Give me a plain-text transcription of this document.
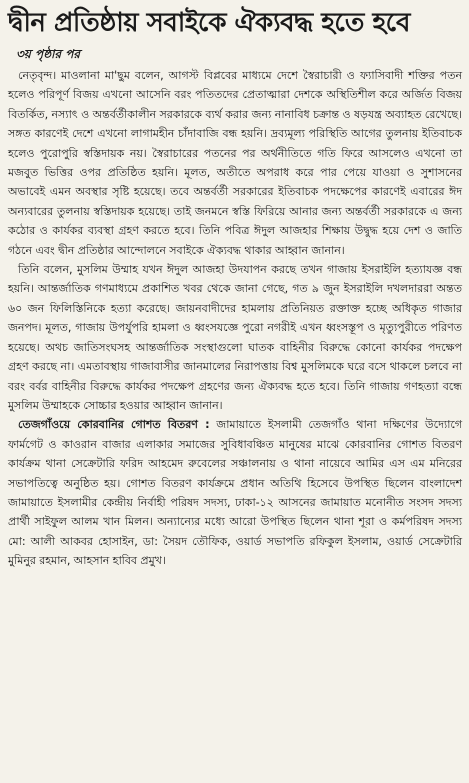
দ্বীন প্রতিষ্ঠায় সবাইকে ঐক্যবদ্ধ হতে হবে
৩য় পৃষ্ঠার পর

নেতৃবৃন্দ। মাওলানা মা'ছুম বলেন, আগস্ট বিপ্লবের মাধ্যমে দেশে স্বৈরাচারী ও ফ্যাসিবাদী শক্তির পতন হলেও পরিপূর্ণ বিজয় এখনো আসেনি বরং পতিতদের প্রেতাত্মারা দেশকে অস্থিতিশীল করে অর্জিত বিজয় বিতর্কিত, নস্যাৎ ও অন্তর্বর্তীকালীন সরকারকে ব্যর্থ করার জন্য নানাবিধ চক্রান্ত ও ষড়যন্ত্র অব্যাহত রেখেছে। সঙ্গত কারণেই দেশে এখনো লাগামহীন চাঁদাবাজি বন্ধ হয়নি। দ্রব্যমূল্য পরিস্থিতি আগের তুলনায় ইতিবাচক হলেও পুরোপুরি স্বস্তিদায়ক নয়। স্বৈরাচারের পতনের পর অর্থনীতিতে গতি ফিরে আসলেও এখনো তা মজবুত ভিত্তির ওপর প্রতিষ্ঠিত হয়নি। মূলত, অতীতে অপরাধ করে পার পেয়ে যাওয়া ও সুশাসনের অভাবেই এমন অবস্থার সৃষ্টি হয়েছে। তবে অন্তর্বর্তী সরকারের ইতিবাচক পদক্ষেপের কারণেই এবারের ঈদ অন্যবারের তুলনায় স্বস্তিদায়ক হয়েছে। তাই জনমনে স্বস্তি ফিরিয়ে আনার জন্য অন্তর্বর্তী সরকারকে এ জন্য কঠোর ও কার্যকর ব্যবস্থা গ্রহণ করতে হবে। তিনি পবিত্র ঈদুল আজহার শিক্ষায় উদ্বুদ্ধ হয়ে দেশ ও জাতি গঠনে এবং দ্বীন প্রতিষ্ঠার আন্দোলনে সবাইকে ঐক্যবদ্ধ থাকার আহ্বান জানান।

তিনি বলেন, মুসলিম উম্মাহ যখন ঈদুল আজহা উদযাপন করছে তখন গাজায় ইসরাইলি হত্যাযজ্ঞ বন্ধ হয়নি। আন্তর্জাতিক গণমাধ্যমে প্রকাশিত খবর থেকে জানা গেছে, গত ৯ জুন ইসরাইলি দখলদাররা অন্তত ৬০ জন ফিলিস্তিনিকে হত্যা করেছে। জায়নবাদীদের হামলায় প্রতিনিয়ত রক্তাক্ত হচ্ছে অধিকৃত গাজার জনপদ। মূলত, গাজায় উপর্যুপরি হামলা ও ধ্বংসযজ্ঞে পুরো নগরীই এখন ধ্বংসস্তূপ ও মৃত্যুপুরীতে পরিণত হয়েছে। অথচ জাতিসংঘসহ আন্তর্জাতিক সংস্থাগুলো ঘাতক বাহিনীর বিরুদ্ধে কোনো কার্যকর পদক্ষেপ গ্রহণ করছে না। এমতাবস্থায় গাজাবাসীর জানমালের নিরাপত্তায় বিশ্ব মুসলিমকে ঘরে বসে থাকলে চলবে না বরং বর্বর বাহিনীর বিরুদ্ধে কার্যকর পদক্ষেপ গ্রহণের জন্য ঐক্যবদ্ধ হতে হবে। তিনি গাজায় গণহত্যা বন্ধে মুসলিম উম্মাহকে সোচ্চার হওয়ার আহ্বান জানান।

তেজগাঁওয়ে কোরবানির গোশত বিতরণ : জামায়াতে ইসলামী তেজগাঁও থানা দক্ষিণের উদ্যোগে ফার্মগেট ও কাওরান বাজার এলাকার সমাজের সুবিধাবঞ্চিত মানুষের মাঝে কোরবানির গোশত বিতরণ কার্যক্রম থানা সেক্রেটারি ফরিদ আহমেদ রুবেলের সঞ্চালনায় ও থানা নায়েবে আমির এস এম মনিরের সভাপতিত্বে অনুষ্ঠিত হয়। গোশত বিতরণ কার্যক্রমে প্রধান অতিথি হিসেবে উপস্থিত ছিলেন বাংলাদেশ জামায়াতে ইসলামীর কেন্দ্রীয় নির্বাহী পরিষদ সদস্য, ঢাকা-১২ আসনের জামায়াত মনোনীত সংসদ সদস্য প্রার্থী সাইফুল আলম খান মিলন। অন্যান্যের মধ্যে আরো উপস্থিত ছিলেন থানা শূরা ও কর্মপরিষদ সদস্য মো: আলী আকবর হোসাইন, ডা: সৈয়দ তৌফিক, ওয়ার্ড সভাপতি রফিকুল ইসলাম, ওয়ার্ড সেক্রেটারি মুমিনুর রহমান, আহসান হাবিব প্রমুখ।
